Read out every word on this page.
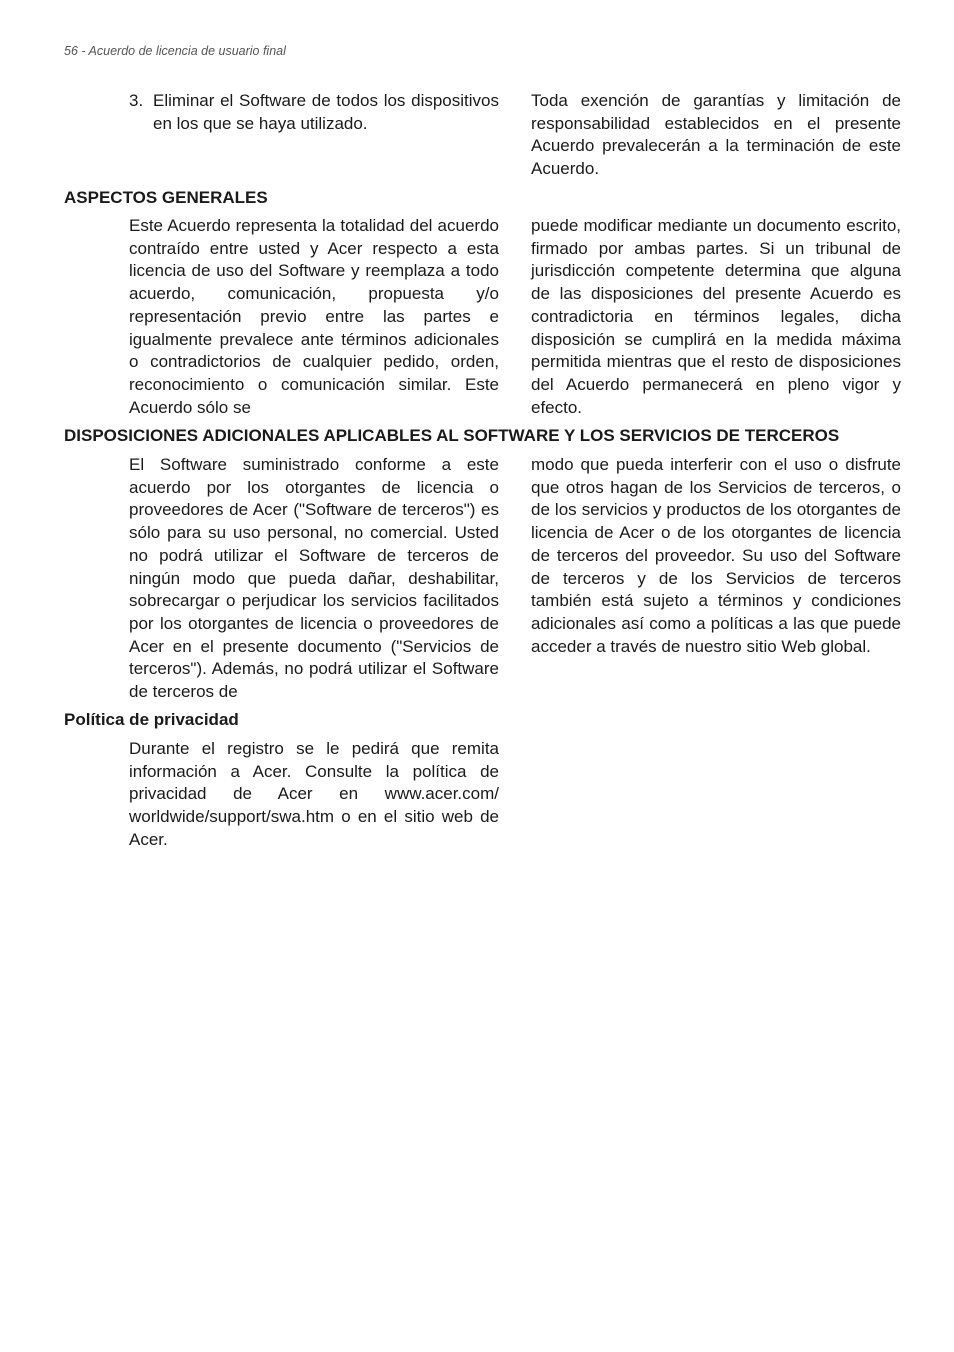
56 - Acuerdo de licencia de usuario final
3. Eliminar el Software de todos los dispositivos en los que se haya utilizado.
Toda exención de garantías y limitación de responsabilidad establecidos en el presente Acuerdo prevalecerán a la terminación de este Acuerdo.
ASPECTOS GENERALES
Este Acuerdo representa la totalidad del acuerdo contraído entre usted y Acer respecto a esta licencia de uso del Software y reemplaza a todo acuerdo, comunicación, propuesta y/o representación previo entre las partes e igualmente prevalece ante términos adicionales o contradictorios de cualquier pedido, orden, reconocimiento o comunicación similar. Este Acuerdo sólo se
puede modificar mediante un documento escrito, firmado por ambas partes. Si un tribunal de jurisdicción competente determina que alguna de las disposiciones del presente Acuerdo es contradictoria en términos legales, dicha disposición se cumplirá en la medida máxima permitida mientras que el resto de disposiciones del Acuerdo permanecerá en pleno vigor y efecto.
DISPOSICIONES ADICIONALES APLICABLES AL SOFTWARE Y LOS SERVICIOS DE TERCEROS
El Software suministrado conforme a este acuerdo por los otorgantes de licencia o proveedores de Acer ("Software de terceros") es sólo para su uso personal, no comercial. Usted no podrá utilizar el Software de terceros de ningún modo que pueda dañar, deshabilitar, sobrecargar o perjudicar los servicios facilitados por los otorgantes de licencia o proveedores de Acer en el presente documento ("Servicios de terceros"). Además, no podrá utilizar el Software de terceros de
modo que pueda interferir con el uso o disfrute que otros hagan de los Servicios de terceros, o de los servicios y productos de los otorgantes de licencia de Acer o de los otorgantes de licencia de terceros del proveedor. Su uso del Software de terceros y de los Servicios de terceros también está sujeto a términos y condiciones adicionales así como a políticas a las que puede acceder a través de nuestro sitio Web global.
Política de privacidad
Durante el registro se le pedirá que remita información a Acer. Consulte la política de privacidad de Acer en www.acer.com/ worldwide/support/swa.htm o en el sitio web de Acer.
